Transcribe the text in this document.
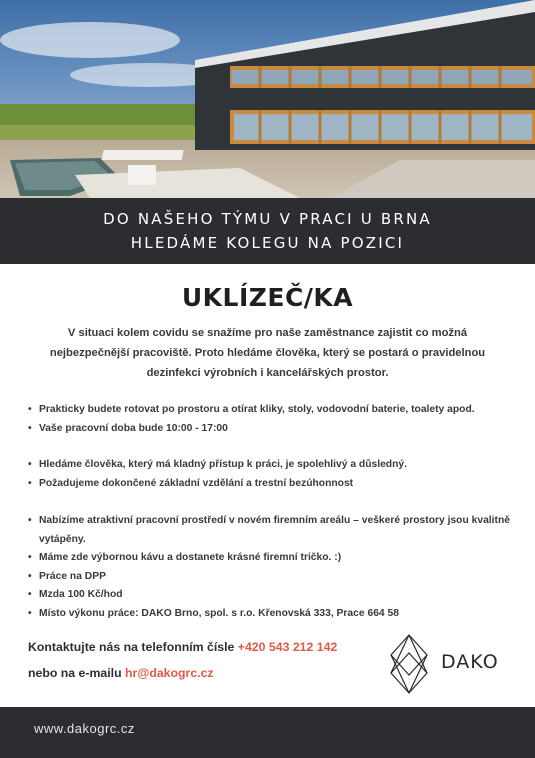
DO NAŠEHO TÝMU V PRACI U BRNA
HLEDÁME KOLEGU NA POZICI
UKLÍZEČ/KA
V situaci kolem covidu se snažíme pro naše zaměstnance zajistit co možná nejbezpečnější pracoviště. Proto hledáme člověka, který se postará o pravidelnou dezinfekci výrobních i kancelářských prostor.
• Prakticky budete rotovat po prostoru a otírat kliky, stoly, vodovodní baterie, toalety apod.
• Vaše pracovní doba bude 10:00 - 17:00
• Hledáme člověka, který má kladný přístup k práci, je spolehlivý a důsledný.
• Požadujeme dokončené základní vzdělání a trestní bezúhonnost
• Nabízíme atraktivní pracovní prostředí v novém firemním areálu – veškeré prostory jsou kvalitně vytápěny.
• Máme zde výbornou kávu a dostanete krásné firemní tričko. :)
• Práce na DPP
• Mzda 100 Kč/hod
• Místo výkonu práce: DAKO Brno, spol. s r.o. Křenovská 333, Prace 664 58
Kontaktujte nás na telefonním čísle +420 543 212 142
nebo na e-mailu hr@dakogrc.cz	DAKO
www.dakogrc.cz
